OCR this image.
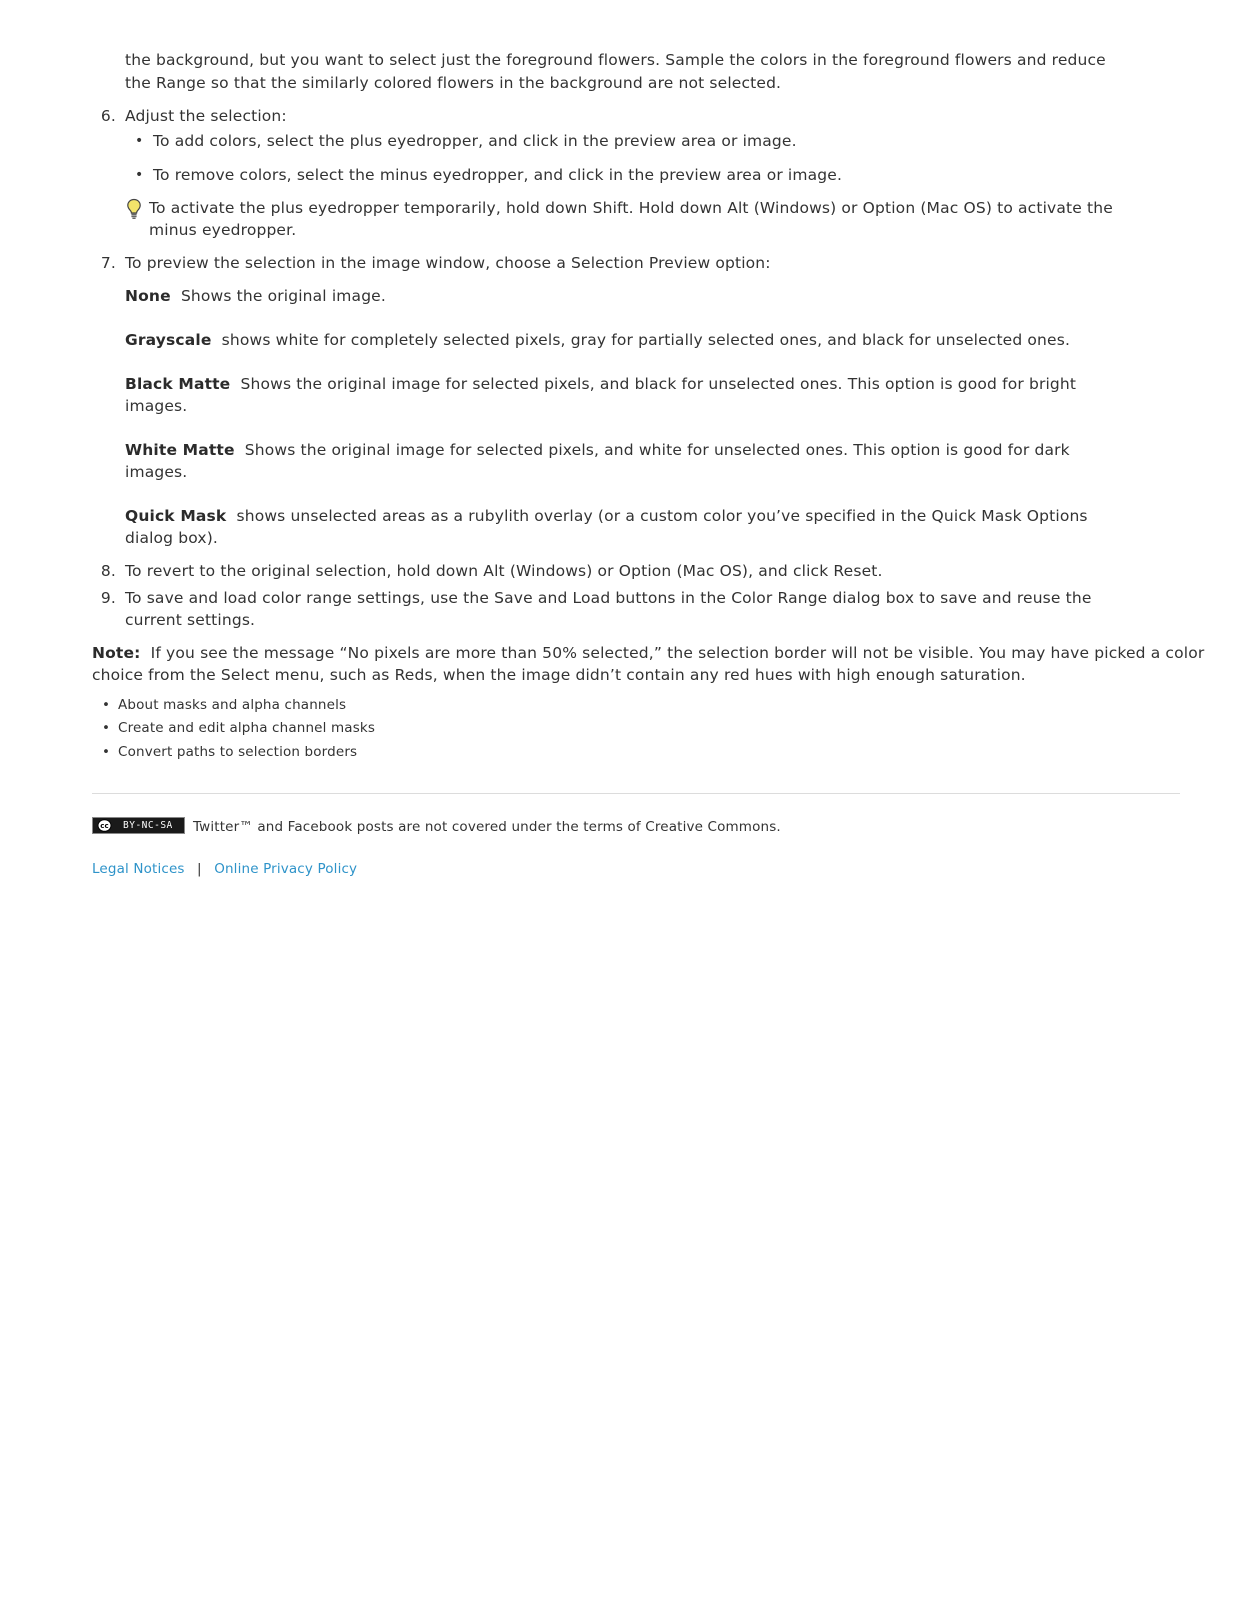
the background, but you want to select just the foreground flowers. Sample the colors in the foreground flowers and reduce
the Range so that the similarly colored flowers in the background are not selected.
6. Adjust the selection:
• To add colors, select the plus eyedropper, and click in the preview area or image.
• To remove colors, select the minus eyedropper, and click in the preview area or image.
To activate the plus eyedropper temporarily, hold down Shift. Hold down Alt (Windows) or Option (Mac OS) to activate the
minus eyedropper.
7. To preview the selection in the image window, choose a Selection Preview option:
None Shows the original image.
Grayscale shows white for completely selected pixels, gray for partially selected ones, and black for unselected ones.
Black Matte Shows the original image for selected pixels, and black for unselected ones. This option is good for bright
images.
White Matte Shows the original image for selected pixels, and white for unselected ones. This option is good for dark
images.
Quick Mask shows unselected areas as a rubylith overlay (or a custom color you’ve specified in the Quick Mask Options
dialog box).
8. To revert to the original selection, hold down Alt (Windows) or Option (Mac OS), and click Reset.
9. To save and load color range settings, use the Save and Load buttons in the Color Range dialog box to save and reuse the
current settings.
Note: If you see the message “No pixels are more than 50% selected,” the selection border will not be visible. You may have picked a color
choice from the Select menu, such as Reds, when the image didn’t contain any red hues with high enough saturation.
• About masks and alpha channels
• Create and edit alpha channel masks
• Convert paths to selection borders
cc BY-NC-SA Twitter™ and Facebook posts are not covered under the terms of Creative Commons.
Legal Notices | Online Privacy Policy
